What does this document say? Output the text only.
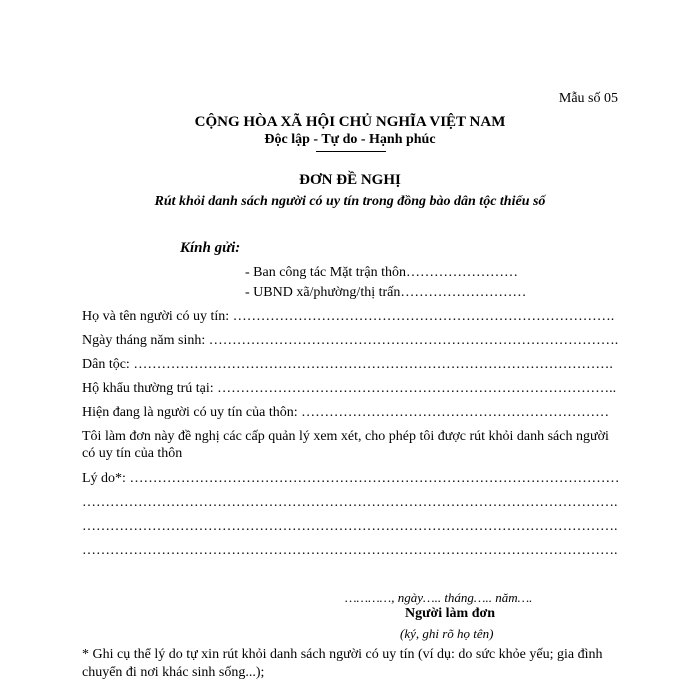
Mẫu số 05
CỘNG HÒA XÃ HỘI CHỦ NGHĨA VIỆT NAM
Độc lập - Tự do - Hạnh phúc
ĐƠN ĐỀ NGHỊ
Rút khỏi danh sách người có uy tín trong đồng bào dân tộc thiểu số
Kính gửi:
- Ban công tác Mặt trận thôn……………………
- UBND xã/phường/thị trấn………………………
Họ và tên người có uy tín: ……………………………………………………………………….
Ngày tháng năm sinh: …………………………………………………………………………….
Dân tộc: ………………………………………………………………………………………….
Hộ khẩu thường trú tại: …………………………………………………………………………..
Hiện đang là người có uy tín của thôn: …………………………………………………………
Tôi làm đơn này đề nghị các cấp quản lý xem xét, cho phép tôi được rút khỏi danh sách người có uy tín của thôn
Lý do*: ……………………………………………………………………………………………
…………………………………………………………………………………………………….
…………………………………………………………………………………………………….
…………………………………………………………………………………………………….
…………, ngày….. tháng….. năm….
Người làm đơn
(ký, ghi rõ họ tên)
* Ghi cụ thể lý do tự xin rút khỏi danh sách người có uy tín (ví dụ: do sức khỏe yếu; gia đình chuyển đi nơi khác sinh sống...);
